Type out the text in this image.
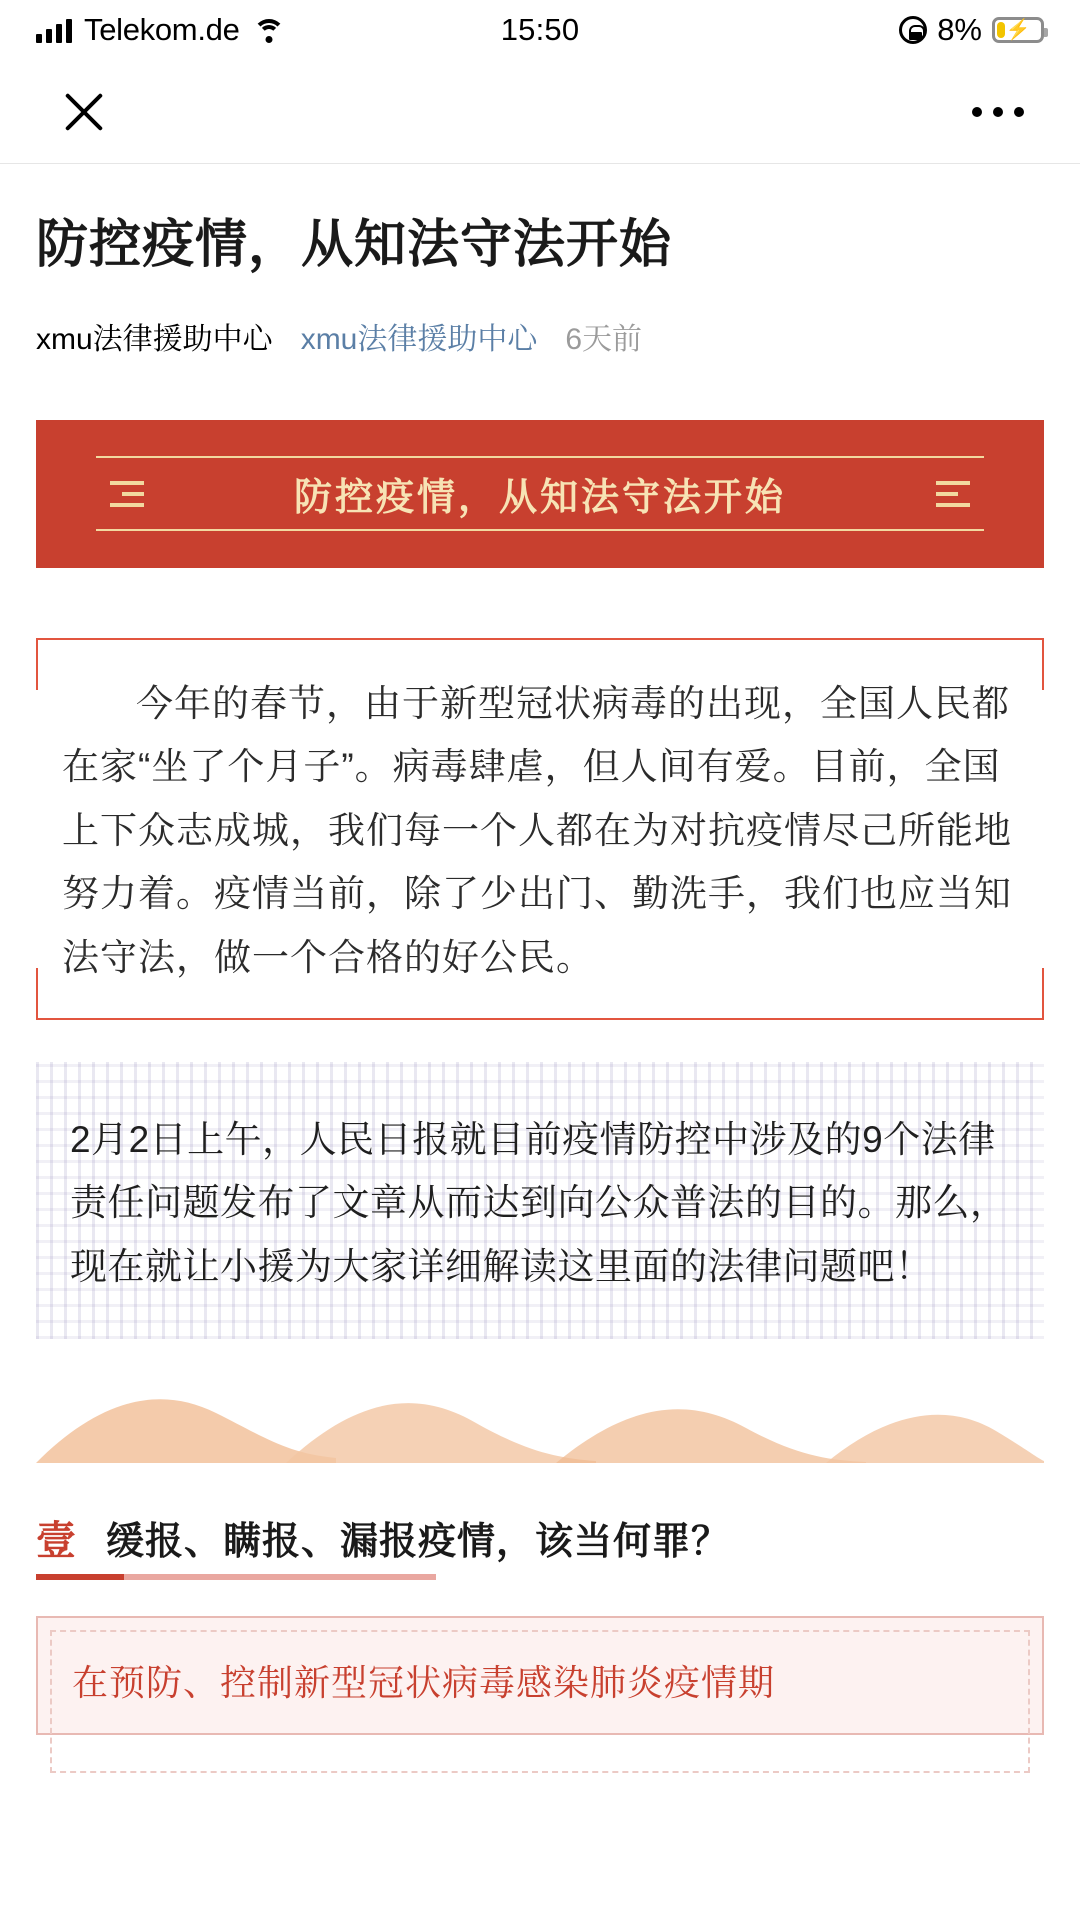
Telekom.de	15:50	8% ⚡
防控疫情，从知法守法开始
xmu法律援助中心 xmu法律援助中心 6天前
防控疫情，从知法守法开始

今年的春节，由于新型冠状病毒的出现，全国人民都在家“坐了个月子”。病毒肆虐，但人间有爱。目前，全国上下众志成城，我们每一个人都在为对抗疫情尽己所能地努力着。疫情当前，除了少出门、勤洗手，我们也应当知法守法，做一个合格的好公民。

2月2日上午，人民日报就目前疫情防控中涉及的9个法律责任问题发布了文章从而达到向公众普法的目的。那么，现在就让小援为大家详细解读这里面的法律问题吧！

壹 缓报、瞒报、漏报疫情，该当何罪？

在预防、控制新型冠状病毒感染肺炎疫情期
